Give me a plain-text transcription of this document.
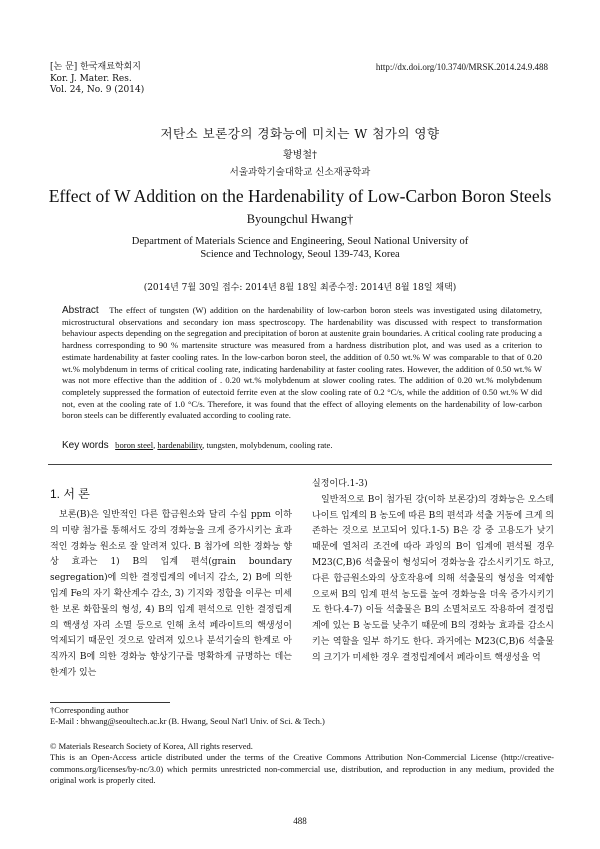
[논 문] 한국재료학회지
Kor. J. Mater. Res.
Vol. 24, No. 9 (2014)
http://dx.doi.org/10.3740/MRSK.2014.24.9.488
저탄소 보론강의 경화능에 미치는 W 첨가의 영향
황병철†
서울과학기술대학교 신소재공학과
Effect of W Addition on the Hardenability of Low-Carbon Boron Steels
Byoungchul Hwang†
Department of Materials Science and Engineering, Seoul National University of
Science and Technology, Seoul 139-743, Korea
(2014년 7월 30일 접수: 2014년 8월 18일 최종수정: 2014년 8월 18일 채택)
Abstract The effect of tungsten (W) addition on the hardenability of low-carbon boron steels was investigated using dilatometry, microstructural observations and secondary ion mass spectroscopy. The hardenability was discussed with respect to transformation behaviour aspects depending on the segregation and precipitation of boron at austenite grain boundaries. A critical cooling rate producing a hardness corresponding to 90 % martensite structure was measured from a hardness distribution plot, and was used as a criterion to estimate hardenability at faster cooling rates. In the low-carbon boron steel, the addition of 0.50 wt.% W was comparable to that of 0.20 wt.% molybdenum in terms of critical cooling rate, indicating hardenability at faster cooling rates. However, the addition of 0.50 wt.% W was not more effective than the addition of . 0.20 wt.% molybdenum at slower cooling rates. The addition of 0.20 wt.% molybdenum completely suppressed the formation of eutectoid ferrite even at the slow cooling rate of 0.2 °C/s, while the addition of 0.50 wt.% W did not, even at the cooling rate of 1.0 °C/s. Therefore, it was found that the effect of alloying elements on the hardenability of low-carbon boron steels can be differently evaluated according to cooling rate.
Key words boron steel, hardenability, tungsten, molybdenum, cooling rate.
1. 서 론
보론(B)은 일반적인 다른 합금원소와 달리 수십 ppm 이하의 미량 첨가를 통해서도 강의 경화능을 크게 증가시키는 효과적인 경화능 원소로 잘 알려져 있다. B 첨가에 의한 경화능 향상 효과는 1) B의 입계 편석(grain boundary segregation)에 의한 결정립계의 에너지 감소, 2) B에 의한 입계 Fe의 자기 확산계수 감소, 3) 기지와 정합을 이루는 미세한 보론 화합물의 형성, 4) B의 입계 편석으로 인한 결정립계의 핵생성 자리 소멸 등으로 인해 초석 페라이트의 핵생성이 억제되기 때문인 것으로 알려져 있으나 분석기술의 한계로 아직까지 B에 의한 경화능 향상기구를 명확하게 규명하는 데는 한계가 있는
실정이다.1-3)
일반적으로 B이 첨가된 강(이하 보론강)의 경화능은 오스테나이트 입계의 B 농도에 따른 B의 편석과 석출 거동에 크게 의존하는 것으로 보고되어 있다.1-5) B은 강 중 고용도가 낮기 때문에 열처리 조건에 따라 과잉의 B이 입계에 편석될 경우 M23(C,B)6 석출물이 형성되어 경화능을 감소시키기도 하고, 다른 합금원소와의 상호작용에 의해 석출물의 형성을 억제함으로써 B의 입계 편석 농도를 높여 경화능을 더욱 증가시키기도 한다.4-7) 이들 석출물은 B의 소멸처로도 작용하여 결정립계에 있는 B 농도를 낮추기 때문에 B의 경화능 효과를 감소시키는 역할을 일부 하기도 한다. 과거에는 M23(C,B)6 석출물의 크기가 미세한 경우 결정립계에서 페라이트 핵생성을 억
†Corresponding author
E-Mail : bhwang@seoultech.ac.kr (B. Hwang, Seoul Nat'l Univ. of Sci. & Tech.)
© Materials Research Society of Korea, All rights reserved.
This is an Open-Access article distributed under the terms of the Creative Commons Attribution Non-Commercial License (http://creative-commons.org/licenses/by-nc/3.0) which permits unrestricted non-commercial use, distribution, and reproduction in any medium, provided the original work is properly cited.
488
